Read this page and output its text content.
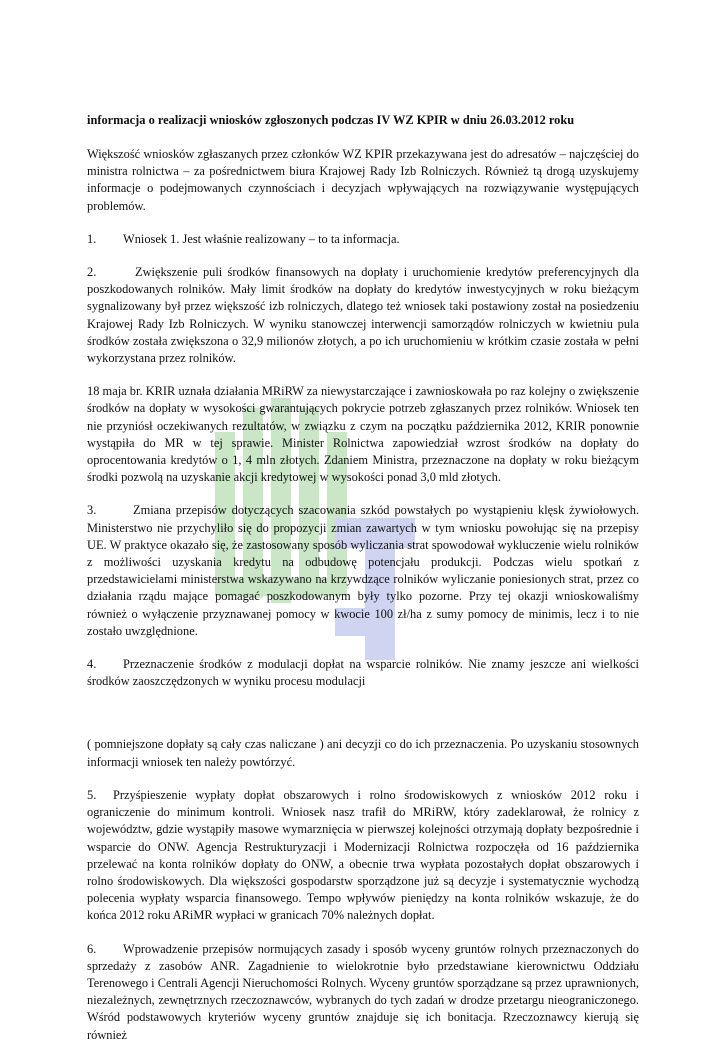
informacja o realizacji wniosków zgłoszonych podczas IV WZ KPIR w dniu 26.03.2012 roku

Większość wniosków zgłaszanych przez członków WZ KPIR przekazywana jest do adresatów – najczęściej do ministra rolnictwa – za pośrednictwem biura Krajowej Rady Izb Rolniczych. Również tą drogą uzyskujemy informacje o podejmowanych czynnościach i decyzjach wpływających na rozwiązywanie występujących problemów.

1. Wniosek 1. Jest właśnie realizowany – to ta informacja.

2.	Zwiększenie puli środków finansowych na dopłaty i uruchomienie kredytów preferencyjnych dla poszkodowanych rolników. Mały limit środków na dopłaty do kredytów inwestycyjnych w roku bieżącym sygnalizowany był przez większość izb rolniczych, dlatego też wniosek taki postawiony został na posiedzeniu Krajowej Rady Izb Rolniczych. W wyniku stanowczej interwencji samorządów rolniczych w kwietniu pula środków została zwiększona o 32,9 milionów złotych, a po ich uruchomieniu w krótkim czasie została w pełni wykorzystana przez rolników.

18 maja br. KRIR uznała działania MRiRW za niewystarczające i zawnioskowała po raz kolejny o zwiększenie środków na dopłaty w wysokości gwarantujących pokrycie potrzeb zgłaszanych przez rolników. Wniosek ten nie przyniósł oczekiwanych rezultatów, w związku z czym na początku października 2012, KRIR ponownie wystąpiła do MR w tej sprawie. Minister Rolnictwa zapowiedział wzrost środków na dopłaty do oprocentowania kredytów o 1, 4 mln złotych. Zdaniem Ministra, przeznaczone na dopłaty w roku bieżącym środki pozwolą na uzyskanie akcji kredytowej w wysokości ponad 3,0 mld złotych.

3.	Zmiana przepisów dotyczących szacowania szkód powstałych po wystąpieniu klęsk żywiołowych. Ministerstwo nie przychyliło się do propozycji zmian zawartych w tym wniosku powołując się na przepisy UE. W praktyce okazało się, że zastosowany sposób wyliczania strat spowodował wykluczenie wielu rolników z możliwości uzyskania kredytu na odbudowę potencjału produkcji. Podczas wielu spotkań z przedstawicielami ministerstwa wskazywano na krzywdzące rolników wyliczanie poniesionych strat, przez co działania rządu mające pomagać poszkodowanym były tylko pozorne. Przy tej okazji wnioskowaliśmy również o wyłączenie przyznawanej pomocy w kwocie 100 zł/ha z sumy pomocy de minimis, lecz i to nie zostało uwzględnione.

4. Przeznaczenie środków z modulacji dopłat na wsparcie rolników. Nie znamy jeszcze ani wielkości środków zaoszczędzonych w wyniku procesu modulacji

( pomniejszone dopłaty są cały czas naliczane ) ani decyzji co do ich przeznaczenia. Po uzyskaniu stosownych informacji wniosek ten należy powtórzyć.

5. Przyśpieszenie wypłaty dopłat obszarowych i rolno środowiskowych z wniosków 2012 roku i ograniczenie do minimum kontroli. Wniosek nasz trafił do MRiRW, który zadeklarował, że rolnicy z województw, gdzie wystąpiły masowe wymarznięcia w pierwszej kolejności otrzymają dopłaty bezpośrednie i wsparcie do ONW. Agencja Restrukturyzacji i Modernizacji Rolnictwa rozpoczęła od 16 października przelewać na konta rolników dopłaty do ONW, a obecnie trwa wypłata pozostałych dopłat obszarowych i rolno środowiskowych. Dla większości gospodarstw sporządzone już są decyzje i systematycznie wychodzą polecenia wypłaty wsparcia finansowego. Tempo wpływów pieniędzy na konta rolników wskazuje, że do końca 2012 roku ARiMR wypłaci w granicach 70% należnych dopłat.

6. Wprowadzenie przepisów normujących zasady i sposób wyceny gruntów rolnych przeznaczonych do sprzedaży z zasobów ANR. Zagadnienie to wielokrotnie było przedstawiane kierownictwu Oddziału Terenowego i Centrali Agencji Nieruchomości Rolnych. Wyceny gruntów sporządzane są przez uprawnionych, niezależnych, zewnętrznych rzeczoznawców, wybranych do tych zadań w drodze przetargu nieograniczonego. Wśród podstawowych kryteriów wyceny gruntów znajduje się ich bonitacja. Rzeczoznawcy kierują się również
